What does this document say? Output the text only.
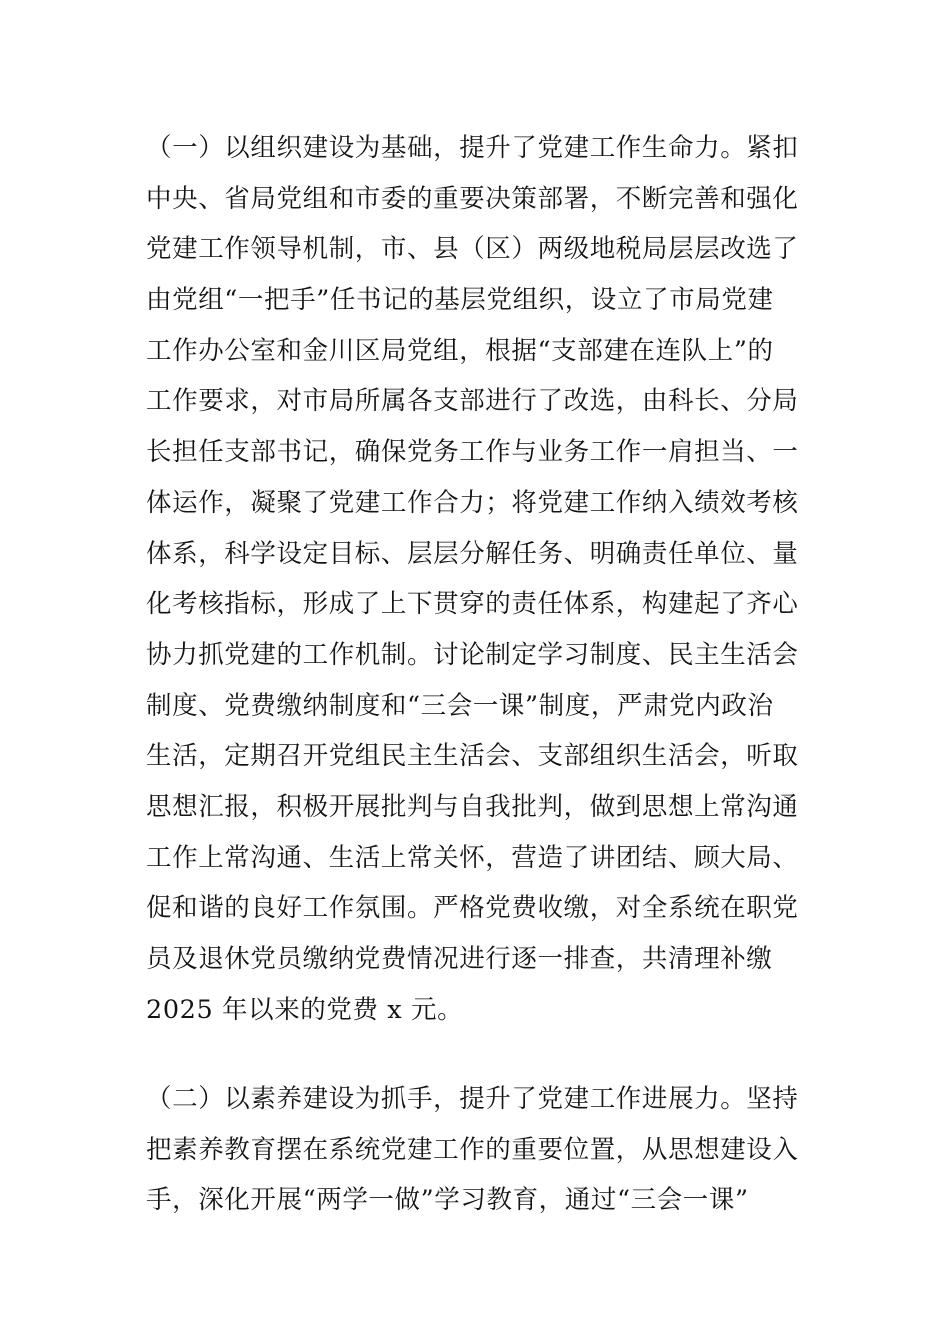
（一）以组织建设为基础，提升了党建工作生命力。紧扣
中央、省局党组和市委的重要决策部署，不断完善和强化
党建工作领导机制，市、县（区）两级地税局层层改选了
由党组“一把手”任书记的基层党组织，设立了市局党建
工作办公室和金川区局党组，根据“支部建在连队上”的
工作要求，对市局所属各支部进行了改选，由科长、分局
长担任支部书记，确保党务工作与业务工作一肩担当、一
体运作，凝聚了党建工作合力；将党建工作纳入绩效考核
体系，科学设定目标、层层分解任务、明确责任单位、量
化考核指标，形成了上下贯穿的责任体系，构建起了齐心
协力抓党建的工作机制。讨论制定学习制度、民主生活会
制度、党费缴纳制度和“三会一课”制度，严肃党内政治
生活，定期召开党组民主生活会、支部组织生活会，听取
思想汇报，积极开展批判与自我批判，做到思想上常沟通
工作上常沟通、生活上常关怀，营造了讲团结、顾大局、
促和谐的良好工作氛围。严格党费收缴，对全系统在职党
员及退休党员缴纳党费情况进行逐一排查，共清理补缴
2025 年以来的党费 x 元。
（二）以素养建设为抓手，提升了党建工作进展力。坚持
把素养教育摆在系统党建工作的重要位置，从思想建设入
手，深化开展“两学一做”学习教育，通过“三会一课”
